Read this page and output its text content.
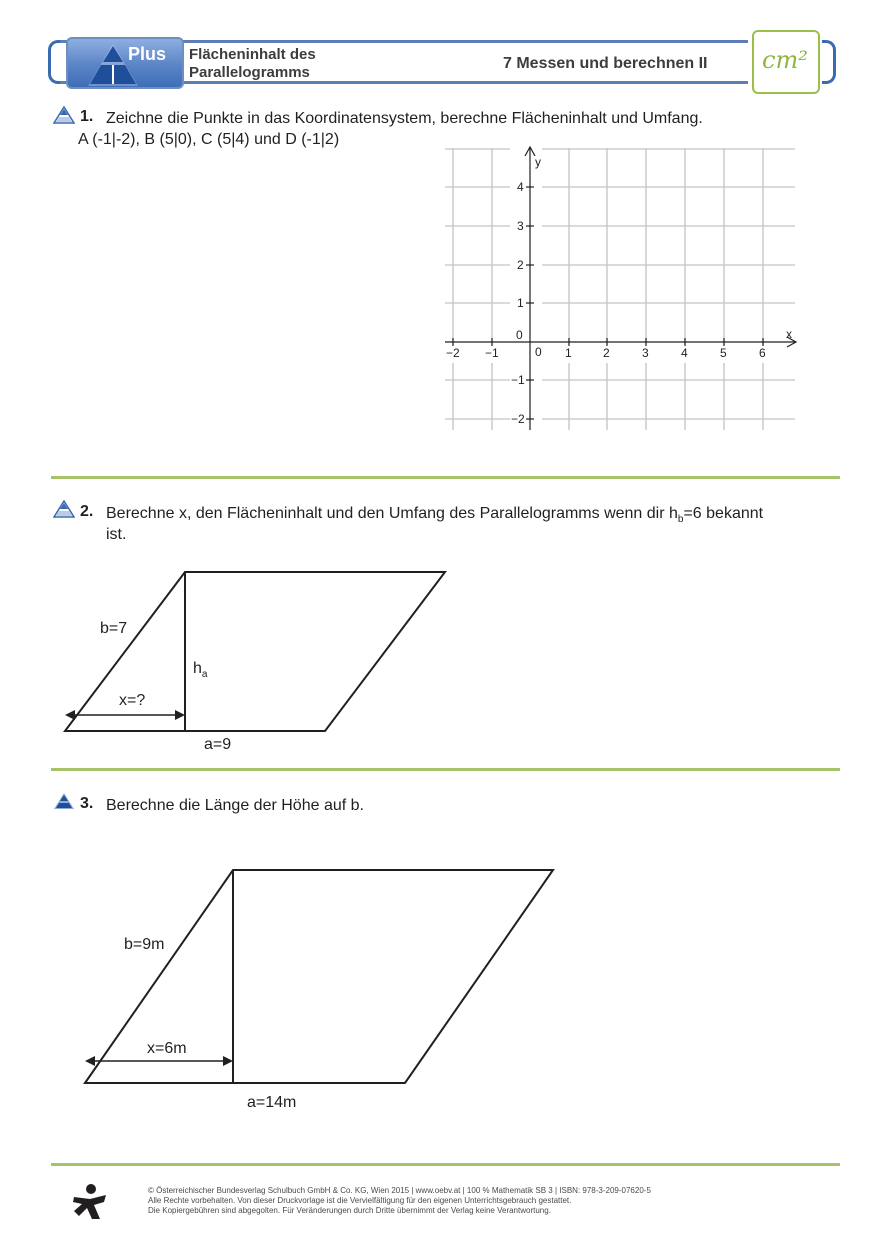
Plus Flächeninhalt des
Parallelogramms
7 Messen und berechnen II cm²
1. Zeichne die Punkte in das Koordinatensystem, berechne Flächeninhalt und Umfang.
A (-1|-2), B (5|0), C (5|4) und D (-1|2)
x
y
0
0
−2 −1	1	2	3	4	5	6
4
3
2
1
−1
−2
2. Berechne x, den Flächeninhalt und den Umfang des Parallelogramms wenn dir $h_b=6$ bekannt
ist.
b=7
$h_a$
x=?
a=9
3. Berechne die Länge der Höhe auf b.
b=9m
x=6m
a=14m
© Österreichischer Bundesverlag Schulbuch GmbH & Co. KG, Wien 2015 | www.oebv.at | 100 % Mathematik SB 3 | ISBN: 978-3-209-07620-5
Alle Rechte vorbehalten. Von dieser Druckvorlage ist die Vervielfältigung für den eigenen Unterrichtsgebrauch gestattet.
Die Kopiergebühren sind abgegolten. Für Veränderungen durch Dritte übernimmt der Verlag keine Verantwortung.
